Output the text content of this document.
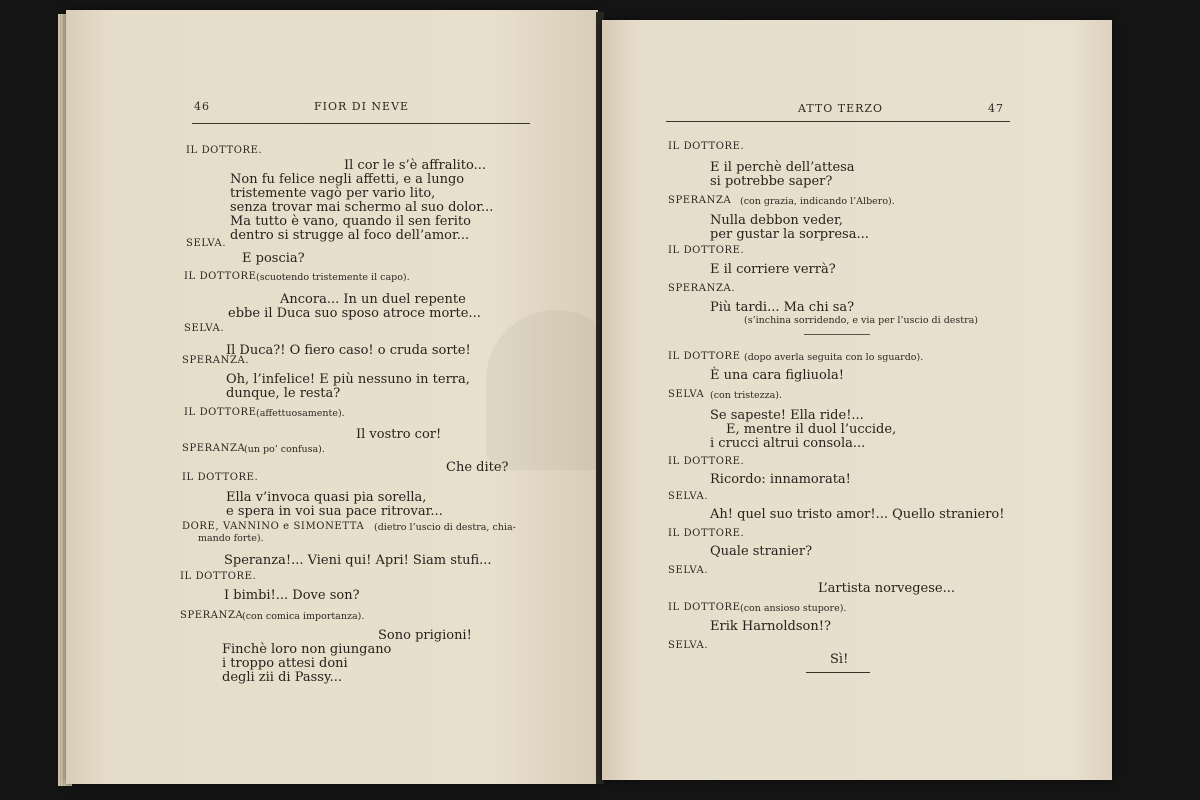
46	FIOR DI NEVE
IL DOTTORE.
Il cor le s’è affralito...
Non fu felice negli affetti, e a lungo
tristemente vagò per vario lito,
senza trovar mai schermo al suo dolor...
Ma tutto è vano, quando il sen ferito
dentro si strugge al foco dell’amor...
SELVA.
E poscia?
IL DOTTORE (scuotendo tristemente il capo).
Ancora... In un duel repente
ebbe il Duca suo sposo atroce morte...
SELVA.
Il Duca?! O fiero caso! o cruda sorte!
SPERANZA.
Oh, l’infelice! E più nessuno in terra,
dunque, le resta?
IL DOTTORE (affettuosamente).
Il vostro cor!
SPERANZA
(un po’ confusa).
Che dite?
IL DOTTORE.
Ella v’invoca quasi pia sorella,
e spera in voi sua pace ritrovar...
DORE, VANNINO e SIMONETTA (dietro l’uscio di destra, chia-
mando forte).
Speranza!... Vieni qui! Apri! Siam stufi...
IL DOTTORE.
I bimbi!... Dove son?
SPERANZA
(con comica importanza).
Sono prigioni!
Finchè loro non giungano
i troppo attesi doni
degli zii di Passy...
ATTO TERZO	47
IL DOTTORE.
E il perchè dell’attesa
si potrebbe saper?
SPERANZA (con grazia, indicando l’Albero).
Nulla debbon veder,
per gustar la sorpresa...
IL DOTTORE.
E il corriere verrà?
SPERANZA.
Più tardi... Ma chi sa?
(s’inchina sorridendo, e via per l’uscio di destra)
IL DOTTORE (dopo averla seguita con lo sguardo).
È una cara figliuola!
SELVA (con tristezza).
Se sapeste! Ella ride!...
E, mentre il duol l’uccide,
i crucci altrui consola...
IL DOTTORE.
Ricordo: innamorata!
SELVA.
Ah! quel suo tristo amor!... Quello straniero!
IL DOTTORE.
Quale stranier?
SELVA.
L’artista norvegese...
IL DOTTORE (con ansioso stupore).
Erik Harnoldson!?
SELVA.
Sì!
